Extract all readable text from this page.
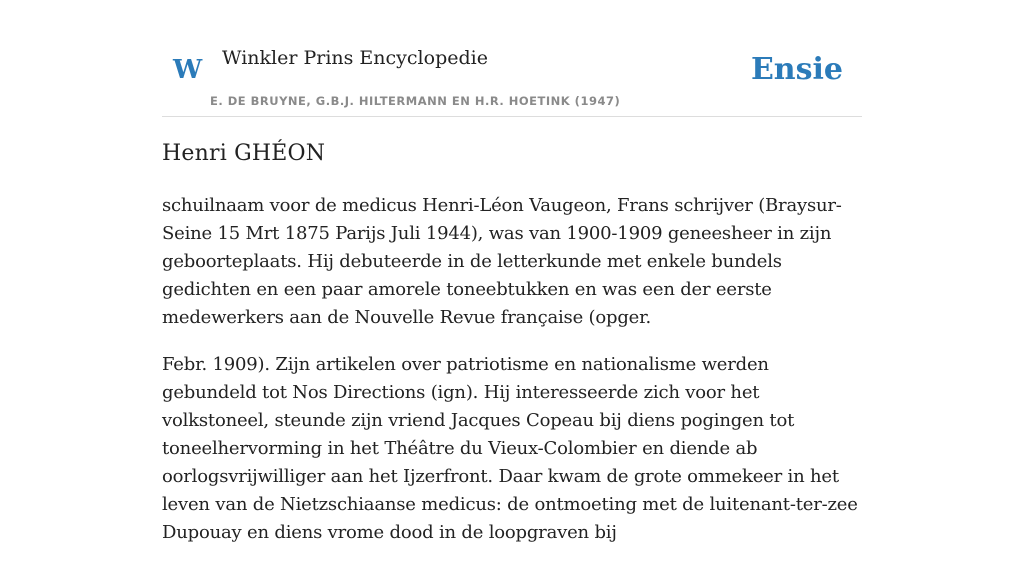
W Winkler Prins Encyclopedie
E. DE BRUYNE, G.B.J. HILTERMANN EN H.R. HOETINK (1947)
Ensie
Henri GHÉON

schuilnaam voor de medicus Henri-Léon Vaugeon, Frans schrijver (Braysur-Seine 15 Mrt 1875 Parijs Juli 1944), was van 1900-1909 geneesheer in zijn geboorteplaats. Hij debuteerde in de letterkunde met enkele bundels gedichten en een paar amorele toneebtukken en was een der eerste medewerkers aan de Nouvelle Revue française (opger.

Febr. 1909). Zijn artikelen over patriotisme en nationalisme werden gebundeld tot Nos Directions (ign). Hij interesseerde zich voor het volkstoneel, steunde zijn vriend Jacques Copeau bij diens pogingen tot toneelhervorming in het Théâtre du Vieux-Colombier en diende ab oorlogsvrijwilliger aan het Ijzerfront. Daar kwam de grote ommekeer in het leven van de Nietzschiaanse medicus: de ontmoeting met de luitenant-ter-zee Dupouay en diens vrome dood in de loopgraven bij
